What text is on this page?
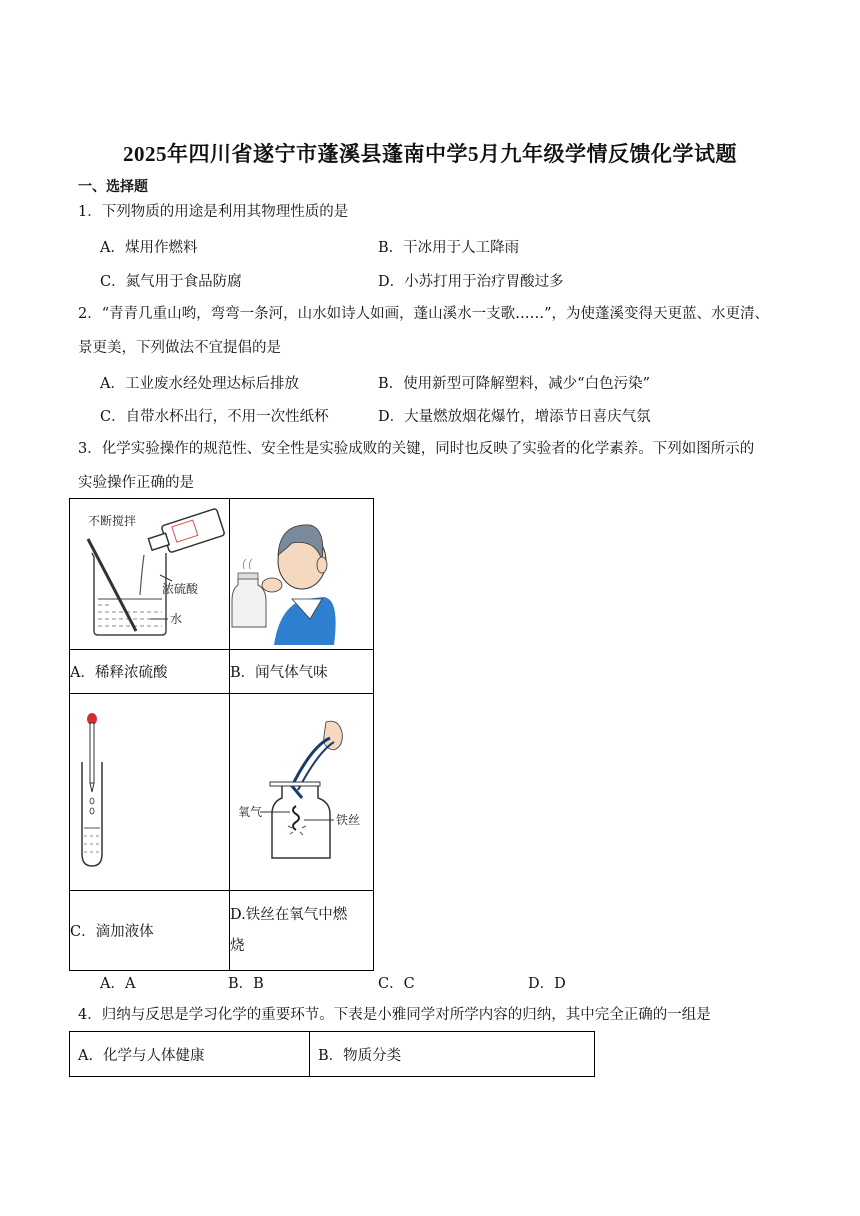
2025年四川省遂宁市蓬溪县蓬南中学5月九年级学情反馈化学试题
一、选择题
1．下列物质的用途是利用其物理性质的是
A．煤用作燃料	B．干冰用于人工降雨
C．氮气用于食品防腐	D．小苏打用于治疗胃酸过多
2．“青青几重山哟，弯弯一条河，山水如诗人如画，蓬山溪水一支歌……”，为使蓬溪变得天更蓝、水更清、
景更美，下列做法不宜提倡的是
A．工业废水经处理达标后排放	B．使用新型可降解塑料，减少“白色污染”
C．自带水杯出行，不用一次性纸杯	D．大量燃放烟花爆竹，增添节日喜庆气氛
3．化学实验操作的规范性、安全性是实验成败的关键，同时也反映了实验者的化学素养。下列如图所示的
实验操作正确的是
不断搅拌
浓硫酸
水

A．稀释浓硫酸	B．闻气体气味

氧气
铁丝

C．滴加液体	D.铁丝在氧气中燃
烧
A．A	B．B	C．C	D．D
4．归纳与反思是学习化学的重要环节。下表是小雅同学对所学内容的归纳，其中完全正确的一组是
A．化学与人体健康	B．物质分类
